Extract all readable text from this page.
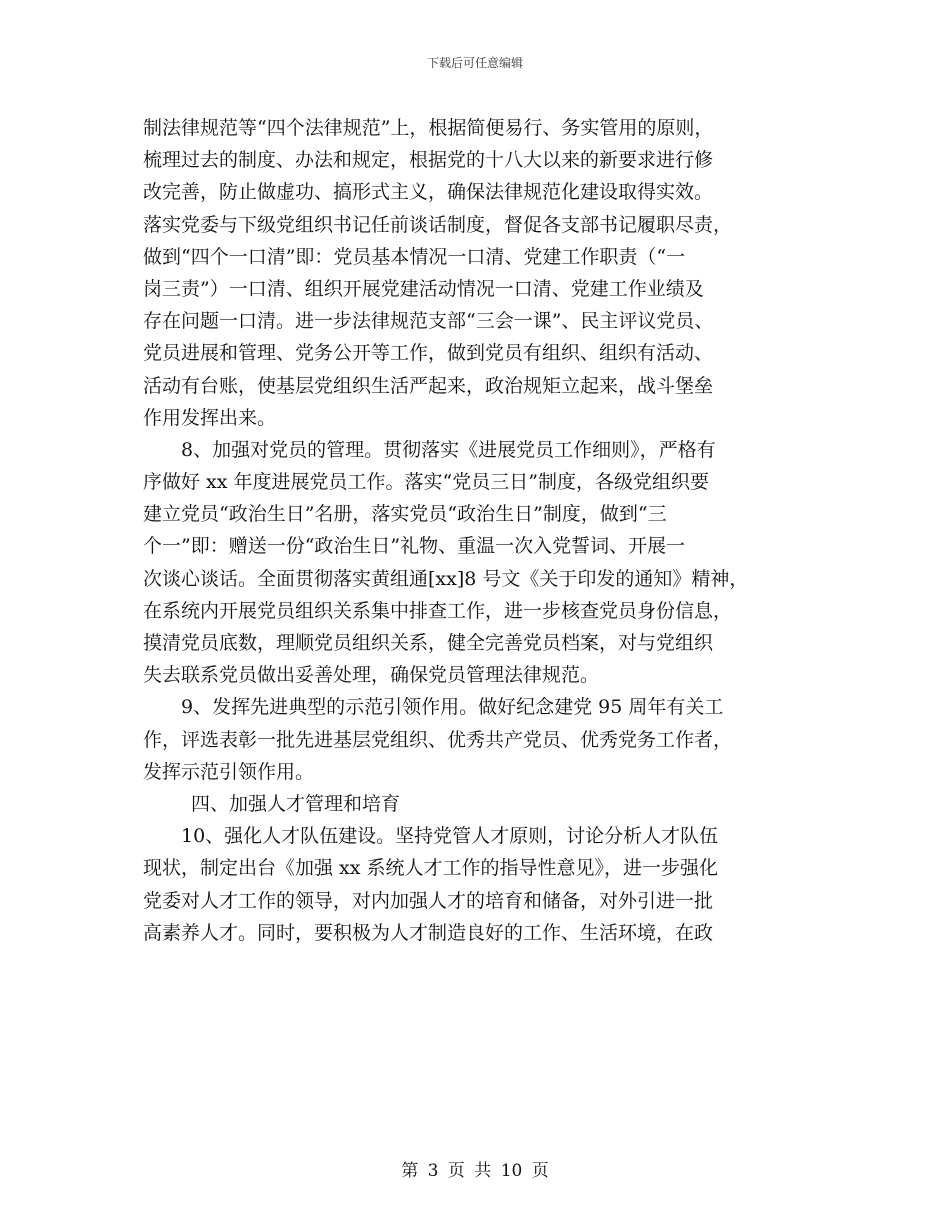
下载后可任意编辑
制法律规范等“四个法律规范”上，根据简便易行、务实管用的原则，
梳理过去的制度、办法和规定，根据党的十八大以来的新要求进行修
改完善，防止做虚功、搞形式主义，确保法律规范化建设取得实效。
落实党委与下级党组织书记任前谈话制度，督促各支部书记履职尽责，
做到“四个一口清”即：党员基本情况一口清、党建工作职责（“一
岗三责”）一口清、组织开展党建活动情况一口清、党建工作业绩及
存在问题一口清。进一步法律规范支部“三会一课”、民主评议党员、
党员进展和管理、党务公开等工作，做到党员有组织、组织有活动、
活动有台账，使基层党组织生活严起来，政治规矩立起来，战斗堡垒
作用发挥出来。
8、加强对党员的管理。贯彻落实《进展党员工作细则》，严格有
序做好 xx 年度进展党员工作。落实“党员三日”制度，各级党组织要
建立党员“政治生日”名册，落实党员“政治生日”制度，做到“三
个一”即：赠送一份“政治生日”礼物、重温一次入党誓词、开展一
次谈心谈话。全面贯彻落实黄组通[xx]8 号文《关于印发的通知》精神，
在系统内开展党员组织关系集中排查工作，进一步核查党员身份信息，
摸清党员底数，理顺党员组织关系，健全完善党员档案，对与党组织
失去联系党员做出妥善处理，确保党员管理法律规范。
9、发挥先进典型的示范引领作用。做好纪念建党 95 周年有关工
作，评选表彰一批先进基层党组织、优秀共产党员、优秀党务工作者，
发挥示范引领作用。
四、加强人才管理和培育
10、强化人才队伍建设。坚持党管人才原则，讨论分析人才队伍
现状，制定出台《加强 xx 系统人才工作的指导性意见》，进一步强化
党委对人才工作的领导，对内加强人才的培育和储备，对外引进一批
高素养人才。同时，要积极为人才制造良好的工作、生活环境，在政
第 3 页 共 10 页
